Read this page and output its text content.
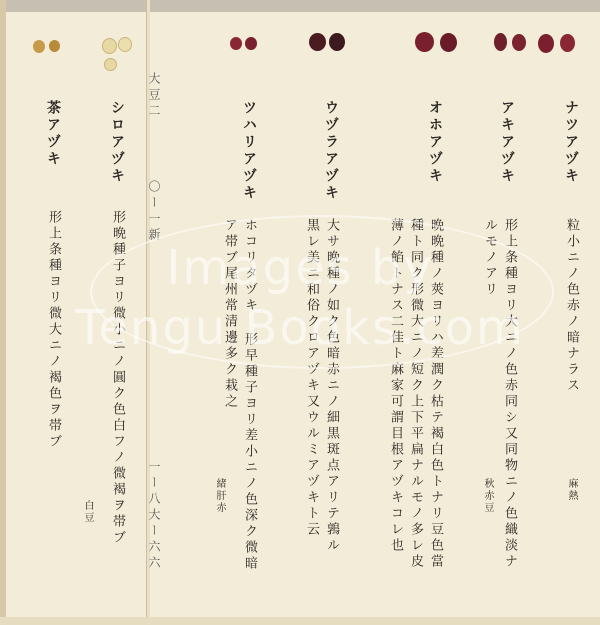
大豆二
〇ー一新
一ー八大ー六六
ナツアヅキ
粒小ニノ色赤ノ暗ナラス
麻熱
アキアヅキ
形上条種ヨリ大ニノ色赤同シ又同物ニノ色織淡ナ
ルモノアリ
秋赤豆
オホアヅキ
晩晩種ノ莢ヨリハ差潤ク枯テ褐白色トナリ豆色當
種ト同ク形微大ニノ短ク上下平扁ナルモノ多レ皮
薄ノ餡トナス二佳ト麻家可謂目根アヅキコレ也
ウヅラアヅキ
大サ晩種ノ如ク色暗赤ニノ細黒斑点アリテ鶉ル
黒レ美ニ和俗クロアヅキ又ウルミアヅキト云
ツハリアヅキ
ホコリタヅキ 形早種子ヨリ差小ニノ色深ク微暗
ア帯ブ尾州常清邊多ク栽之
緒肝赤
シロアヅキ
形晩種子ヨリ微小ニノ圓ク色白フノ微褐ヲ帯ブ
白豆
茶アヅキ
形上条種ヨリ微大ニノ褐色ヲ帯ブ	Images by
Tengu Books.com
